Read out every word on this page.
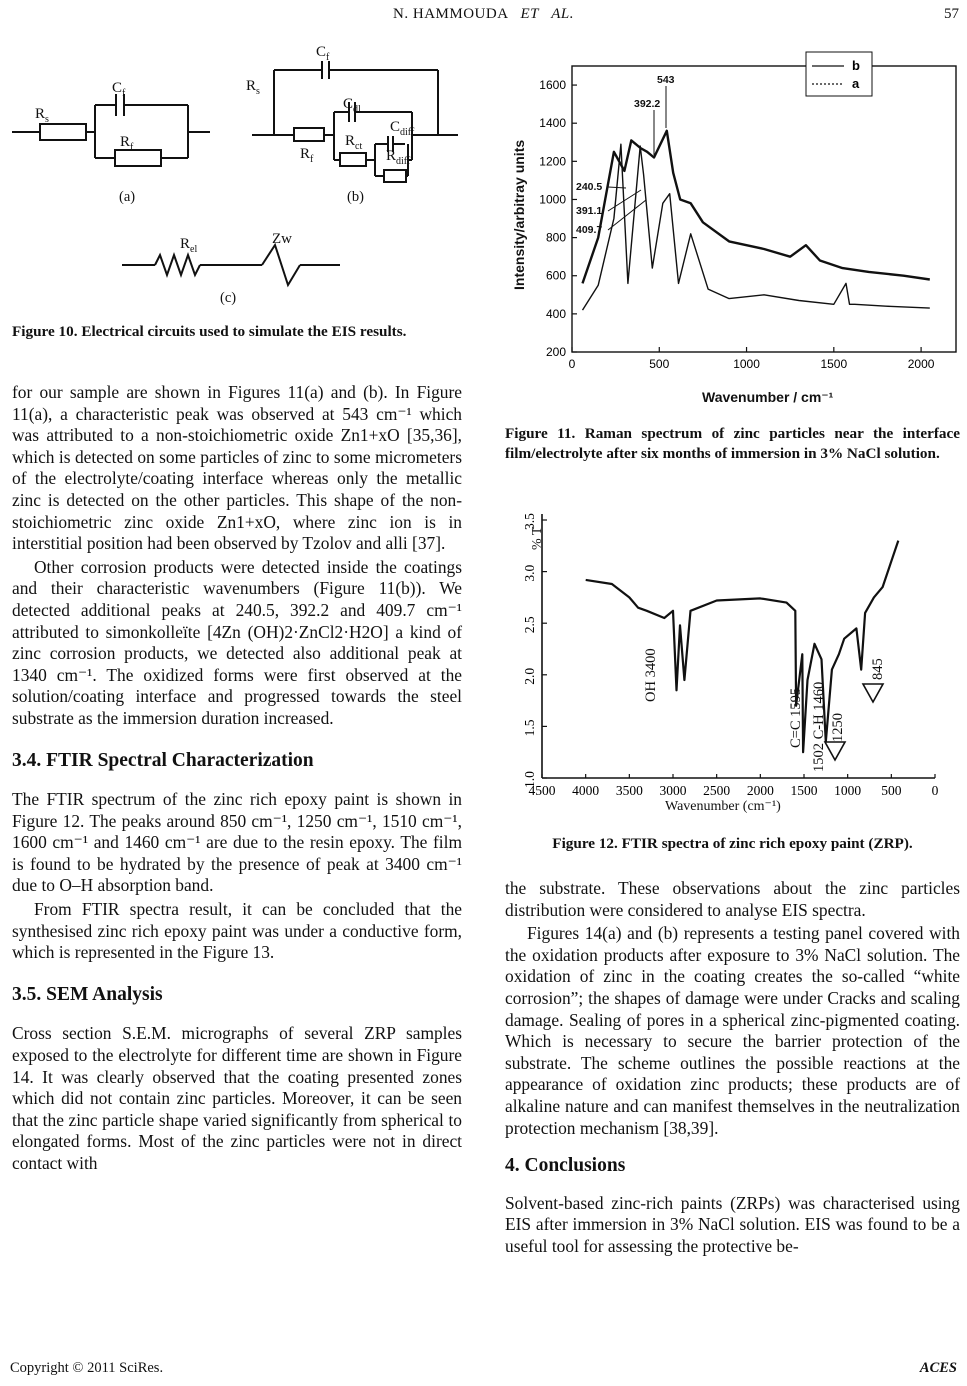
N. HAMMOUDA   ET   AL.	57
$R_s$
$C_f$
$R_f$
$R_s$
$C_f$
$C_{dl}$
$R_{ct}$
$C_{diff}$
$R_{diff}$
$R_f$
$R_{el}$
Zw
(a)	(b)
(c)
Figure 10. Electrical circuits used to simulate the EIS results.

for our sample are shown in Figures 11(a) and (b). In Figure 11(a), a characteristic peak was observed at 543 cm⁻¹ which was attributed to a non-stoichiometric oxide Zn1+xO [35,36], which is detected on some particles of zinc to some micrometers of the electrolyte/coating interface whereas only the metallic zinc is detected on the other particles. This shape of the non-stoichiometric zinc oxide Zn1+xO, where zinc ion is in interstitial position had been observed by Tzolov and alli [37].

Other corrosion products were detected inside the coatings and their characteristic wavenumbers (Figure 11(b)). We detected additional peaks at 240.5, 392.2 and 409.7 cm⁻¹ attributed to simonkolleïte [4Zn (OH)2·ZnCl2·H2O] a kind of zinc corrosion products, we detected also additional peak at 1340 cm⁻¹. The oxidized forms were first observed at the solution/coating interface and progressed towards the steel substrate as the immersion duration increased.

3.4. FTIR Spectral Characterization

The FTIR spectrum of the zinc rich epoxy paint is shown in Figure 12. The peaks around 850 cm⁻¹, 1250 cm⁻¹, 1510 cm⁻¹, 1600 cm⁻¹ and 1460 cm⁻¹ are due to the resin epoxy. The film is found to be hydrated by the presence of peak at 3400 cm⁻¹ due to O–H absorption band.

From FTIR spectra result, it can be concluded that the synthesised zinc rich epoxy paint was under a conductive form, which is represented in the Figure 13.

3.5. SEM Analysis

Cross section S.E.M. micrographs of several ZRP samples exposed to the electrolyte for different time are shown in Figure 14. It was clearly observed that the coating presented zones which did not contain zinc particles. Moreover, it can be seen that the zinc particle shape varied significantly from spherical to elongated forms. Most of the zinc particles were not in direct contact with

200
400
600
800
1000
1200
1400
1600
0	500	1000	1500	2000
Intensity/arbitray units
Wavenumber / cm⁻¹
b
a
543
392.2
240.5
391.1
409.7
Figure 11. Raman spectrum of zinc particles near the interface film/electrolyte after six months of immersion in 3% NaCl solution.
1.0
1.5
2.0
2.5
3.0
3.5
4500 4000 3500 3000 2500 2000 1500 1000 500 0
% T
Wavenumber (cm⁻¹)
OH 3400
C=C 1595 1502 C-H 1460 1250
845
Figure 12. FTIR spectra of zinc rich epoxy paint (ZRP).

the substrate. These observations about the zinc particles distribution were considered to analyse EIS spectra.

Figures 14(a) and (b) represents a testing panel covered with the oxidation products after exposure to 3% NaCl solution. The oxidation of zinc in the coating creates the so-called “white corrosion”; the shapes of damage were under Cracks and scaling damage. Sealing of pores in a spherical zinc-pigmented coating. Which is necessary to secure the barrier protection of the substrate. The scheme outlines the possible reactions at the appearance of oxidation zinc products; these products are of alkaline nature and can manifest themselves in the neutralization protection mechanism [38,39].

4. Conclusions

Solvent-based zinc-rich paints (ZRPs) was characterised using EIS after immersion in 3% NaCl solution. EIS was found to be a useful tool for assessing the protective be-

Copyright © 2011 SciRes.	ACES
